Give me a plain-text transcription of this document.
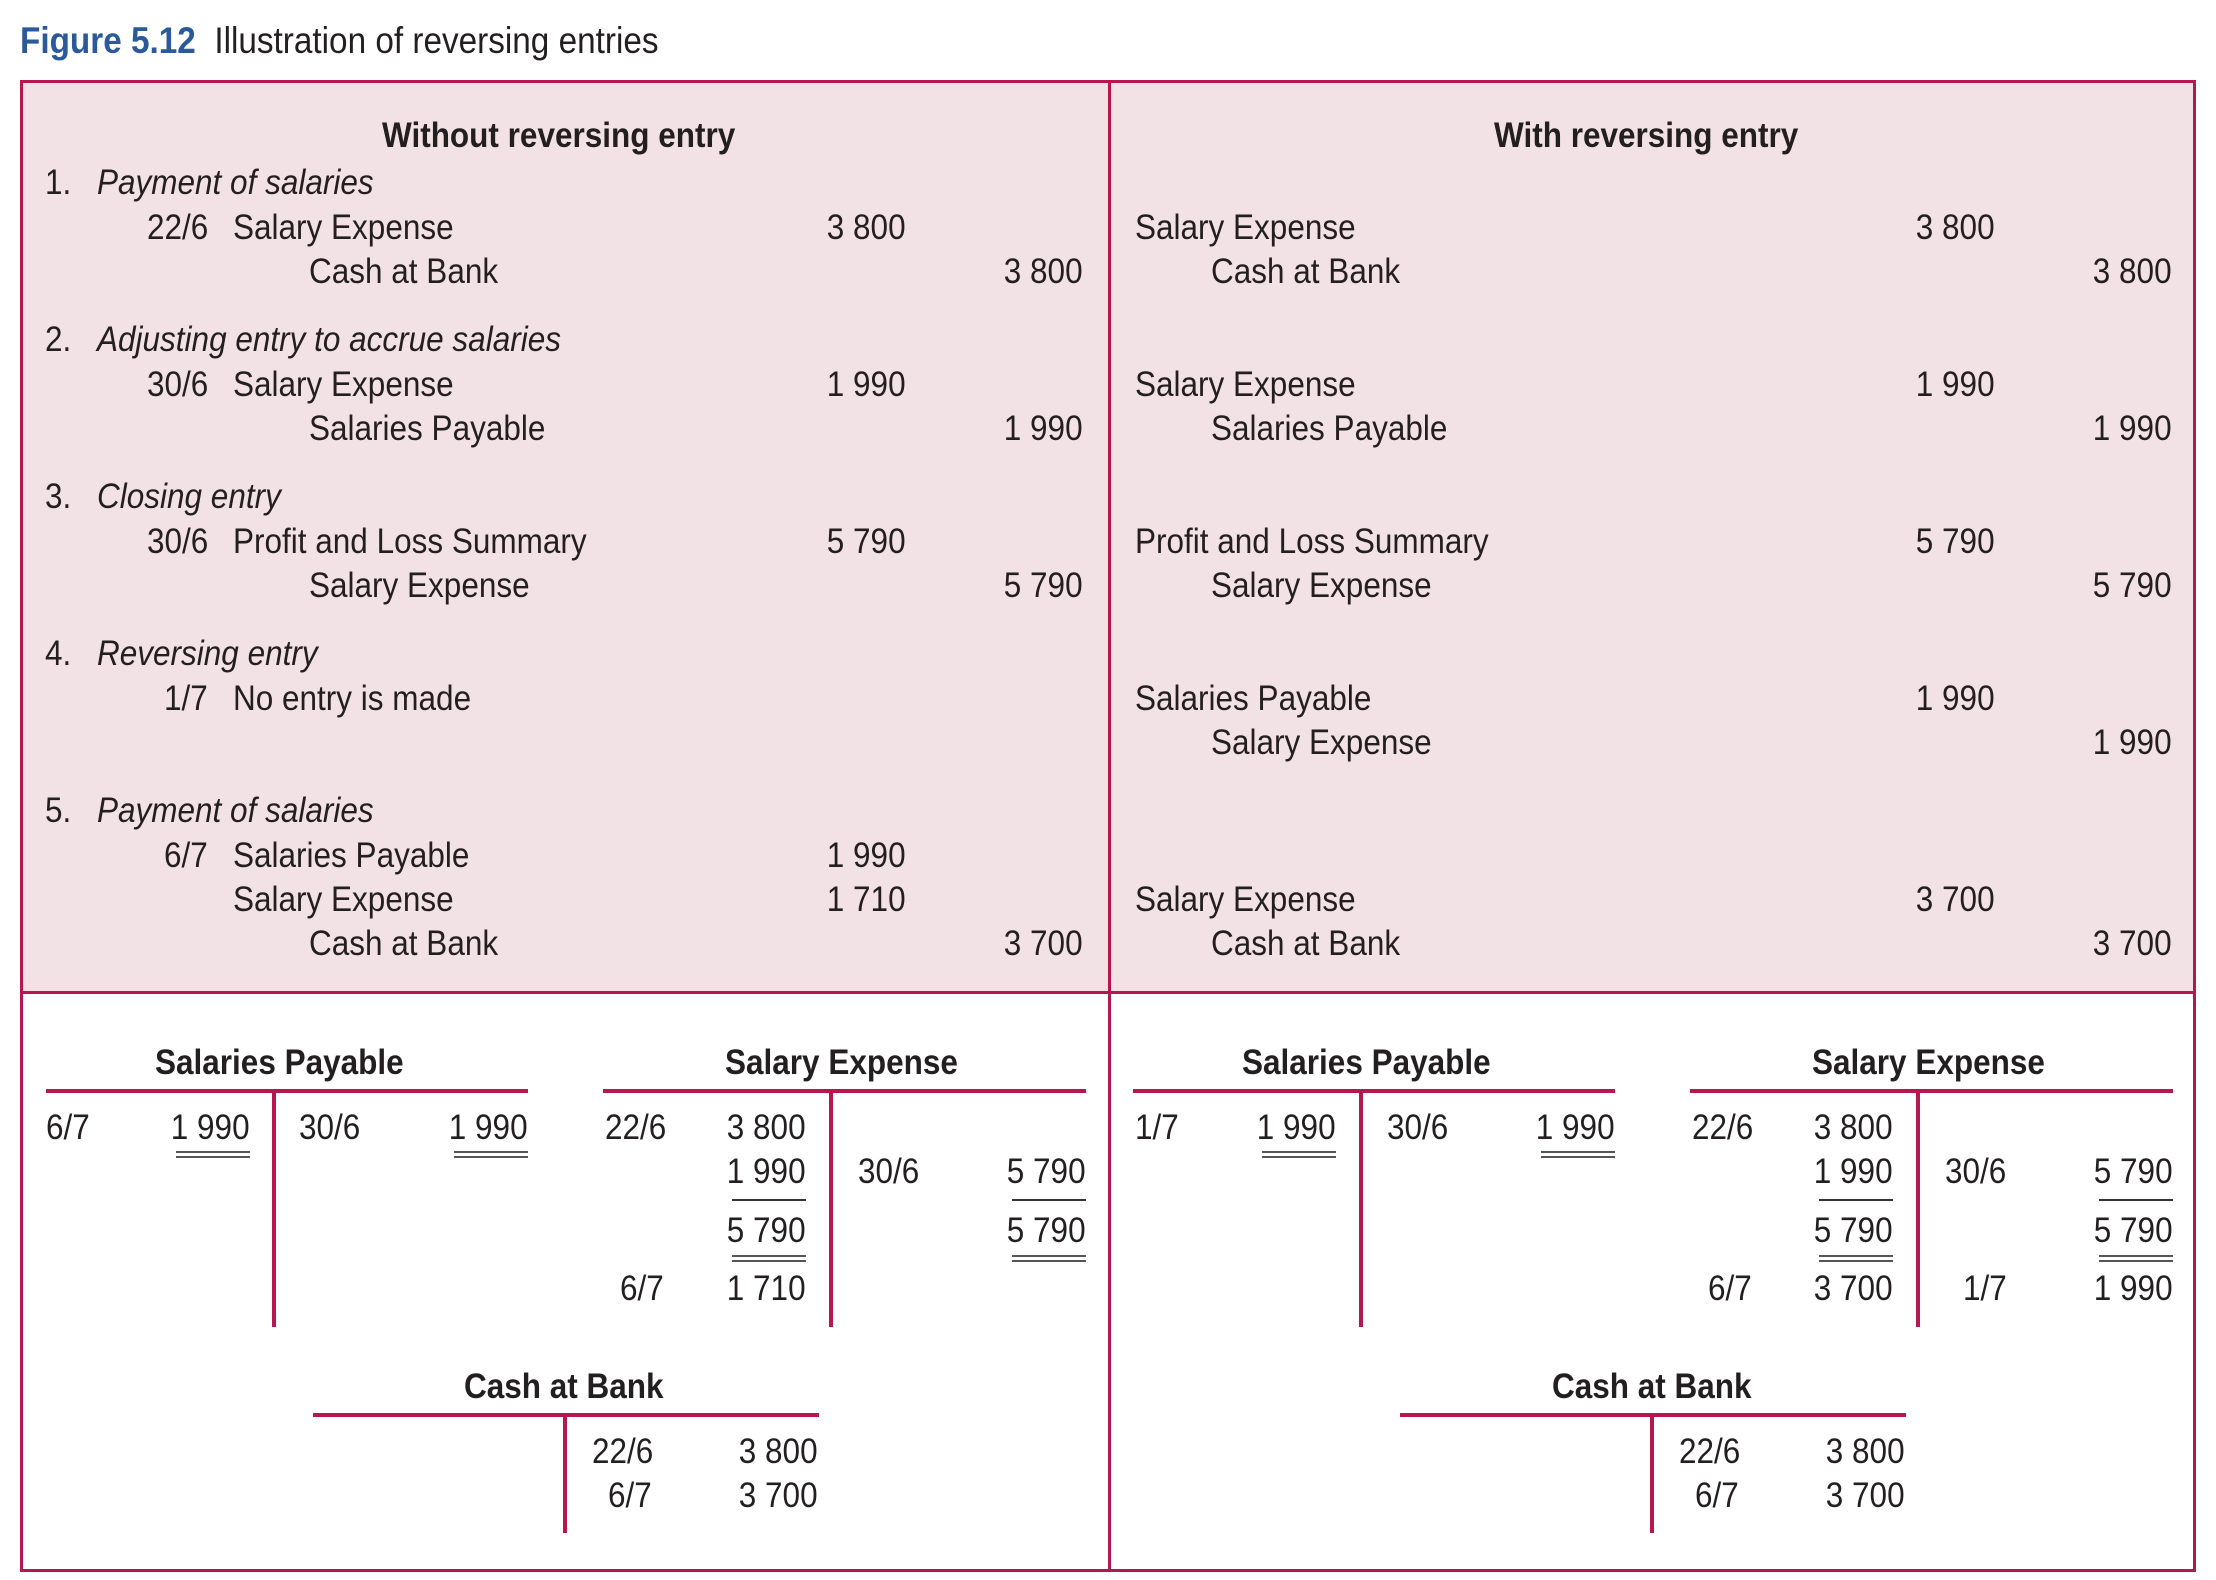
Figure 5.12 Illustration of reversing entries
Without reversing entry
1. Payment of salaries
22/6 Salary Expense	3 800
Cash at Bank	3 800
2. Adjusting entry to accrue salaries
30/6 Salary Expense	1 990
Salaries Payable	1 990
3. Closing entry
30/6 Profit and Loss Summary	5 790
Salary Expense	5 790
4. Reversing entry
1/7 No entry is made
5. Payment of salaries
6/7 Salaries Payable	1 990
Salary Expense	1 710
Cash at Bank	3 700
With reversing entry
Salary Expense	3 800
Cash at Bank	3 800
Salary Expense	1 990
Salaries Payable	1 990
Profit and Loss Summary	5 790
Salary Expense	5 790
Salaries Payable	1 990
Salary Expense	1 990
Salary Expense	3 700
Cash at Bank	3 700
Salaries Payable
6/7 1 990 30/6	1 990
Salary Expense
22/6 3 800
1 990 30/6	5 790
5 790	5 790
6/7 1 710
Cash at Bank
22/6 3 800
6/7 3 700
Salaries Payable
1/7 1 990 30/6	1 990
Salary Expense
22/6 3 800
1 990 30/6	5 790
5 790	5 790
6/7 3 700 1/7 1 990
Cash at Bank
22/6 3 800
6/7 3 700
